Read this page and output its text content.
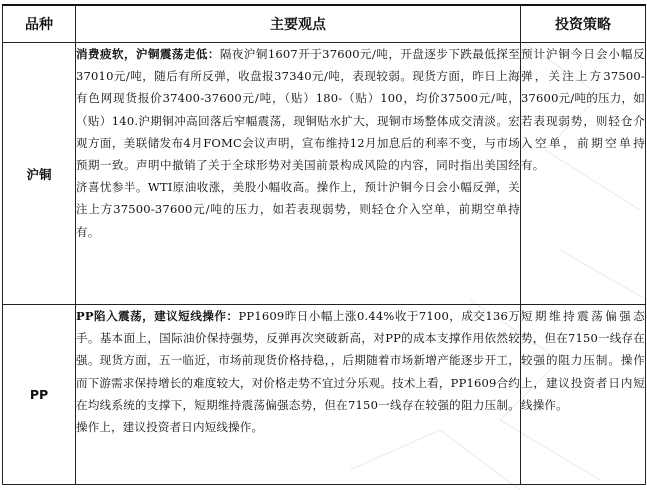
品种	主要观点	投资策略
沪铜	消费疲软，沪铜震荡走低：隔夜沪铜1607开于37600元/吨，开盘逐步下跌最低探至37010元/吨，随后有所反弹，收盘报37340元/吨，表现较弱。现货方面，昨日上海有色网现货报价37400-37600元/吨，（贴）180-（贴）100，均价37500元/吨，（贴）140.沪期铜冲高回落后窄幅震荡，现铜贴水扩大，现铜市场整体成交清淡。宏观方面，美联储发布4月FOMC会议声明，宣布维持12月加息后的利率不变，与市场预期一致。声明中撤销了关于全球形势对美国前景构成风险的内容，同时指出美国经济喜忧参半。WTI原油收涨，美股小幅收高。操作上，预计沪铜今日会小幅反弹，关注上方37500-37600元/吨的压力，如若表现弱势，则轻仓介入空单，前期空单持有。	预计沪铜今日会小幅反弹，关注上方37500-37600元/吨的压力，如若表现弱势，则轻仓介入空单，前期空单持有。
PP	PP陷入震荡，建议短线操作：PP1609昨日小幅上涨0.44%收于7100，成交136万手。基本面上，国际油价保持强势，反弹再次突破新高，对PP的成本支撑作用依然较强。现货方面，五一临近，市场前现货价格持稳，，后期随着市场新增产能逐步开工，而下游需求保持增长的难度较大，对价格走势不宜过分乐观。技术上看，PP1609合约在均线系统的支撑下，短期维持震荡偏强态势，但在7150一线存在较强的阻力压制。操作上，建议投资者日内短线操作。	短期维持震荡偏强态势，但在7150一线存在较强的阻力压制。操作上，建议投资者日内短线操作。
